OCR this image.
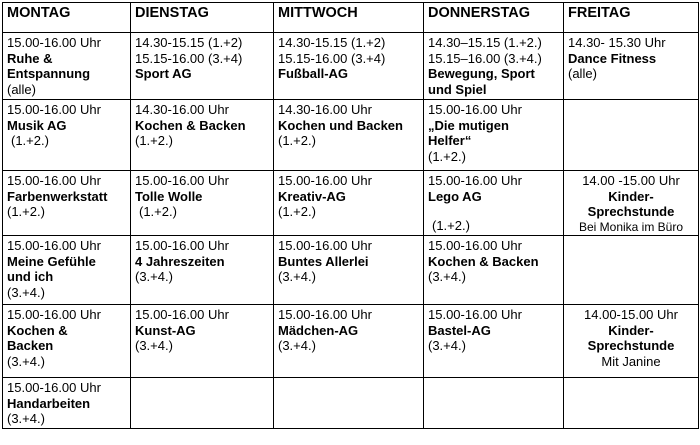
MONTAG	DIENSTAG	MITTWOCH	DONNERSTAG	FREITAG

15.00-16.00 Uhr
Ruhe &
Entspannung
(alle)	14.30-15.15 (1.+2)
15.15-16.00 (3.+4)
Sport AG	14.30-15.15 (1.+2)
15.15-16.00 (3.+4)
Fußball-AG	14.30–15.15 (1.+2.)
15.15–16.00 (3.+4.)
Bewegung, Sport
und Spiel	14.30- 15.30 Uhr
Dance Fitness
(alle)

15.00-16.00 Uhr
Musik AG
(1.+2.)	14.30-16.00 Uhr
Kochen & Backen
(1.+2.)	14.30-16.00 Uhr
Kochen und Backen
(1.+2.)	15.00-16.00 Uhr
„Die mutigen
Helfer“
(1.+2.)	

15.00-16.00 Uhr
Farbenwerkstatt
(1.+2.)	15.00-16.00 Uhr
Tolle Wolle
(1.+2.)	15.00-16.00 Uhr
Kreativ-AG
(1.+2.)	15.00-16.00 Uhr
Lego AG
(1.+2.)	14.00 -15.00 Uhr
Kinder-
Sprechstunde
Bei Monika im Büro

15.00-16.00 Uhr
Meine Gefühle
und ich
(3.+4.)	15.00-16.00 Uhr
4 Jahreszeiten
(3.+4.)	15.00-16.00 Uhr
Buntes Allerlei
(3.+4.)	15.00-16.00 Uhr
Kochen & Backen
(3.+4.)	

15.00-16.00 Uhr
Kochen &
Backen
(3.+4.)	15.00-16.00 Uhr
Kunst-AG
(3.+4.)	15.00-16.00 Uhr
Mädchen-AG
(3.+4.)	15.00-16.00 Uhr
Bastel-AG
(3.+4.)	14.00-15.00 Uhr
Kinder-
Sprechstunde
Mit Janine

15.00-16.00 Uhr
Handarbeiten
(3.+4.)				
